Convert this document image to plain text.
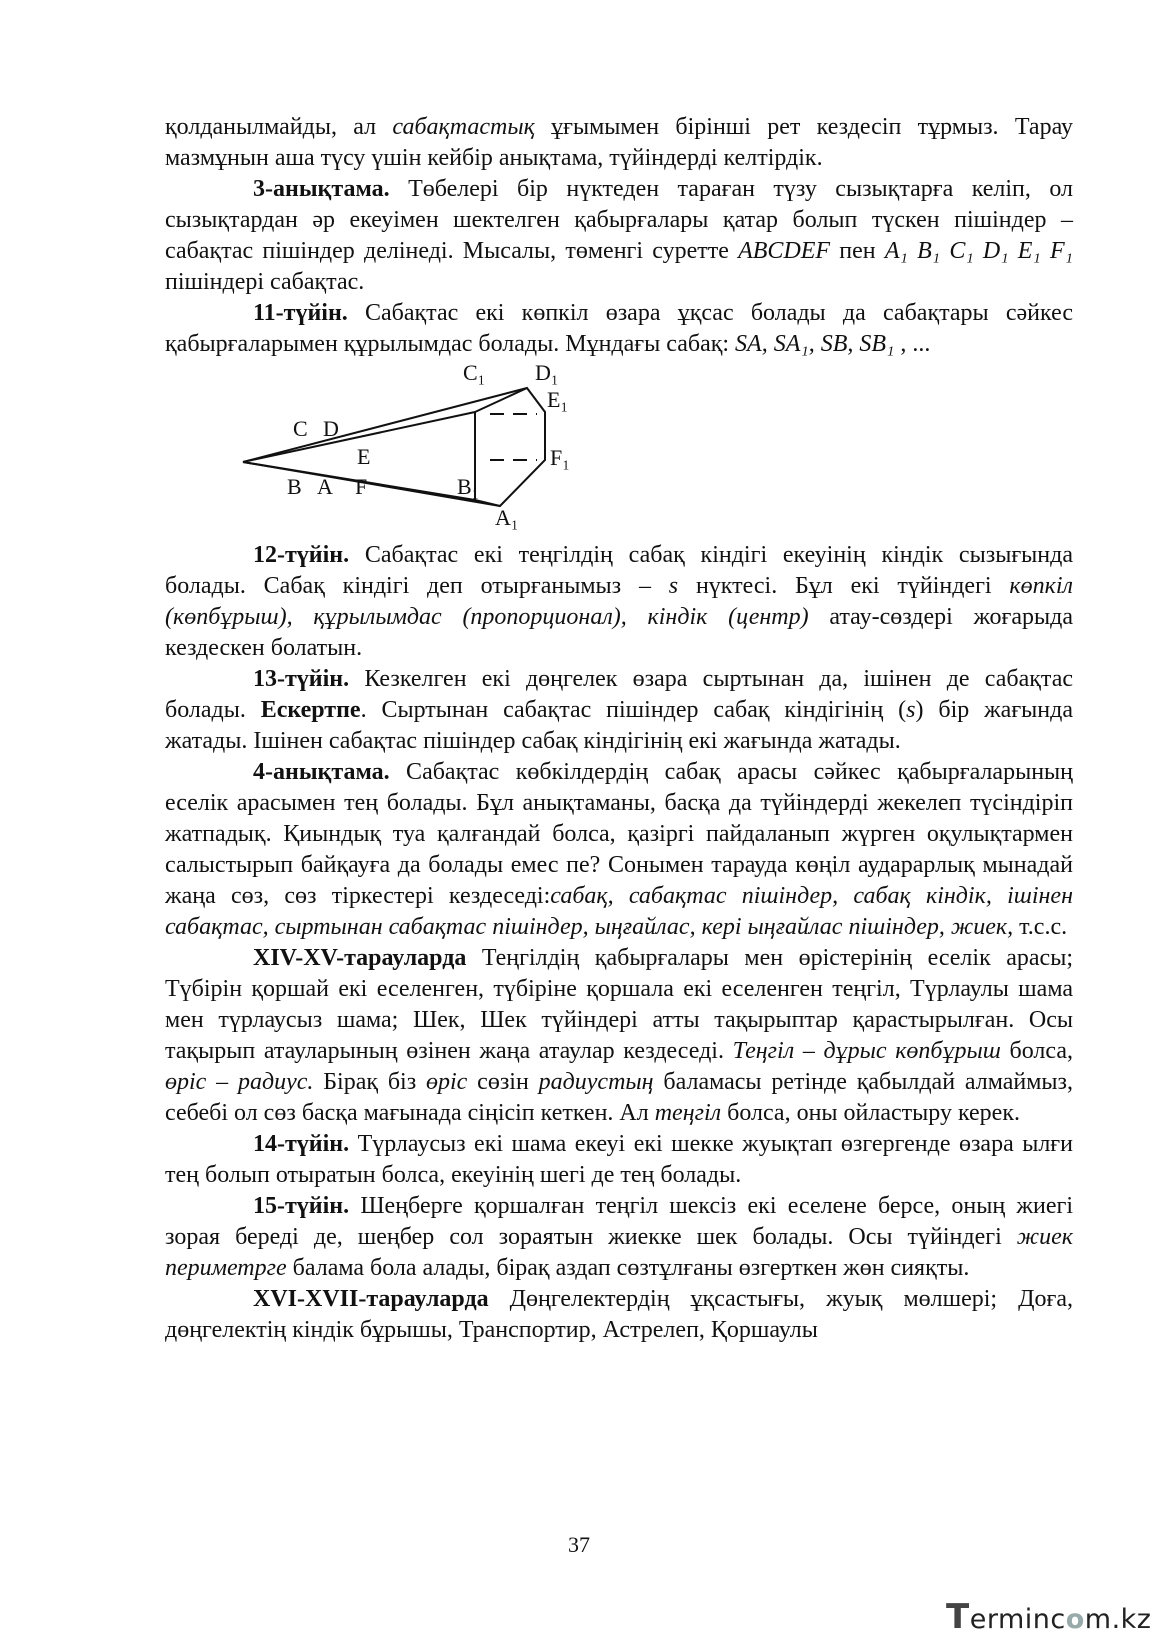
қолданылмайды, ал сабақтастық ұғымымен бірінші рет кездесіп тұрмыз. Тарау мазмұнын аша түсу үшін кейбір анықтама, түйіндерді келтірдік.

3-анықтама. Төбелері бір нүктеден тараған түзу сызықтарға келіп, ол сызықтардан әр екеуімен шектелген қабырғалары қатар болып түскен пішіндер – сабақтас пішіндер делінеді. Мысалы, төменгі суретте ABCDEF пен A₁ B₁ C₁ D₁ E₁ F₁ пішіндері сабақтас.

11-түйін. Сабақтас екі көпкіл өзара ұқсас болады да сабақтары сәйкес қабырғаларымен құрылымдас болады. Мұндағы сабақ: SA, SA₁, SB, SB₁ , ...

C₁ D₁
E₁
F₁
B₁
A₁
C D
E
B A F

12-түйін. Сабақтас екі теңгілдің сабақ кіндігі екеуінің кіндік сызығында болады. Сабақ кіндігі деп отырғанымыз – s нүктесі. Бұл екі түйіндегі көпкіл (көпбұрыш), құрылымдас (пропорционал), кіндік (центр) атау-сөздері жоғарыда кездескен болатын.

13-түйін. Кезкелген екі дөңгелек өзара сыртынан да, ішінен де сабақтас болады. Ескертпе. Сыртынан сабақтас пішіндер сабақ кіндігінің (s) бір жағында жатады. Ішінен сабақтас пішіндер сабақ кіндігінің екі жағында жатады.

4-анықтама. Сабақтас көбкілдердің сабақ арасы сәйкес қабырғаларының еселік арасымен тең болады. Бұл анықтаманы, басқа да түйіндерді жекелеп түсіндіріп жатпадық. Қиындық туа қалғандай болса, қазіргі пайдаланып жүрген оқулықтармен салыстырып байқауға да болады емес пе? Сонымен тарауда көңіл аударарлық мынадай жаңа сөз, сөз тіркестері кездеседі:сабақ, сабақтас пішіндер, сабақ кіндік, ішінен сабақтас, сыртынан сабақтас пішіндер, ыңғайлас, кері ыңғайлас пішіндер, жиек, т.с.с.

XIV-XV-тарауларда Теңгілдің қабырғалары мен өрістерінің еселік арасы; Түбірін қоршай екі еселенген, түбіріне қоршала екі еселенген теңгіл, Түрлаулы шама мен түрлаусыз шама; Шек, Шек түйіндері атты тақырыптар қарастырылған. Осы тақырып атауларының өзінен жаңа атаулар кездеседі. Теңгіл – дұрыс көпбұрыш болса, өріс – радиус. Бірақ біз өріс сөзін радиустың баламасы ретінде қабылдай алмаймыз, себебі ол сөз басқа мағынада сіңісіп кеткен. Ал теңгіл болса, оны ойластыру керек.

14-түйін. Түрлаусыз екі шама екеуі екі шекке жуықтап өзгергенде өзара ылғи тең болып отыратын болса, екеуінің шегі де тең болады.

15-түйін. Шеңберге қоршалған теңгіл шексіз екі еселене берсе, оның жиегі зорая береді де, шеңбер сол зораятын жиекке шек болады. Осы түйіндегі жиек периметрге балама бола алады, бірақ аздап сөзтұлғаны өзгерткен жөн сияқты.

XVI-XVII-тарауларда Дөңгелектердің ұқсастығы, жуық мөлшері; Доға, дөңгелектің кіндік бұрышы, Транспортир, Астрелеп, Қоршаулы

37
Termincom.kz
